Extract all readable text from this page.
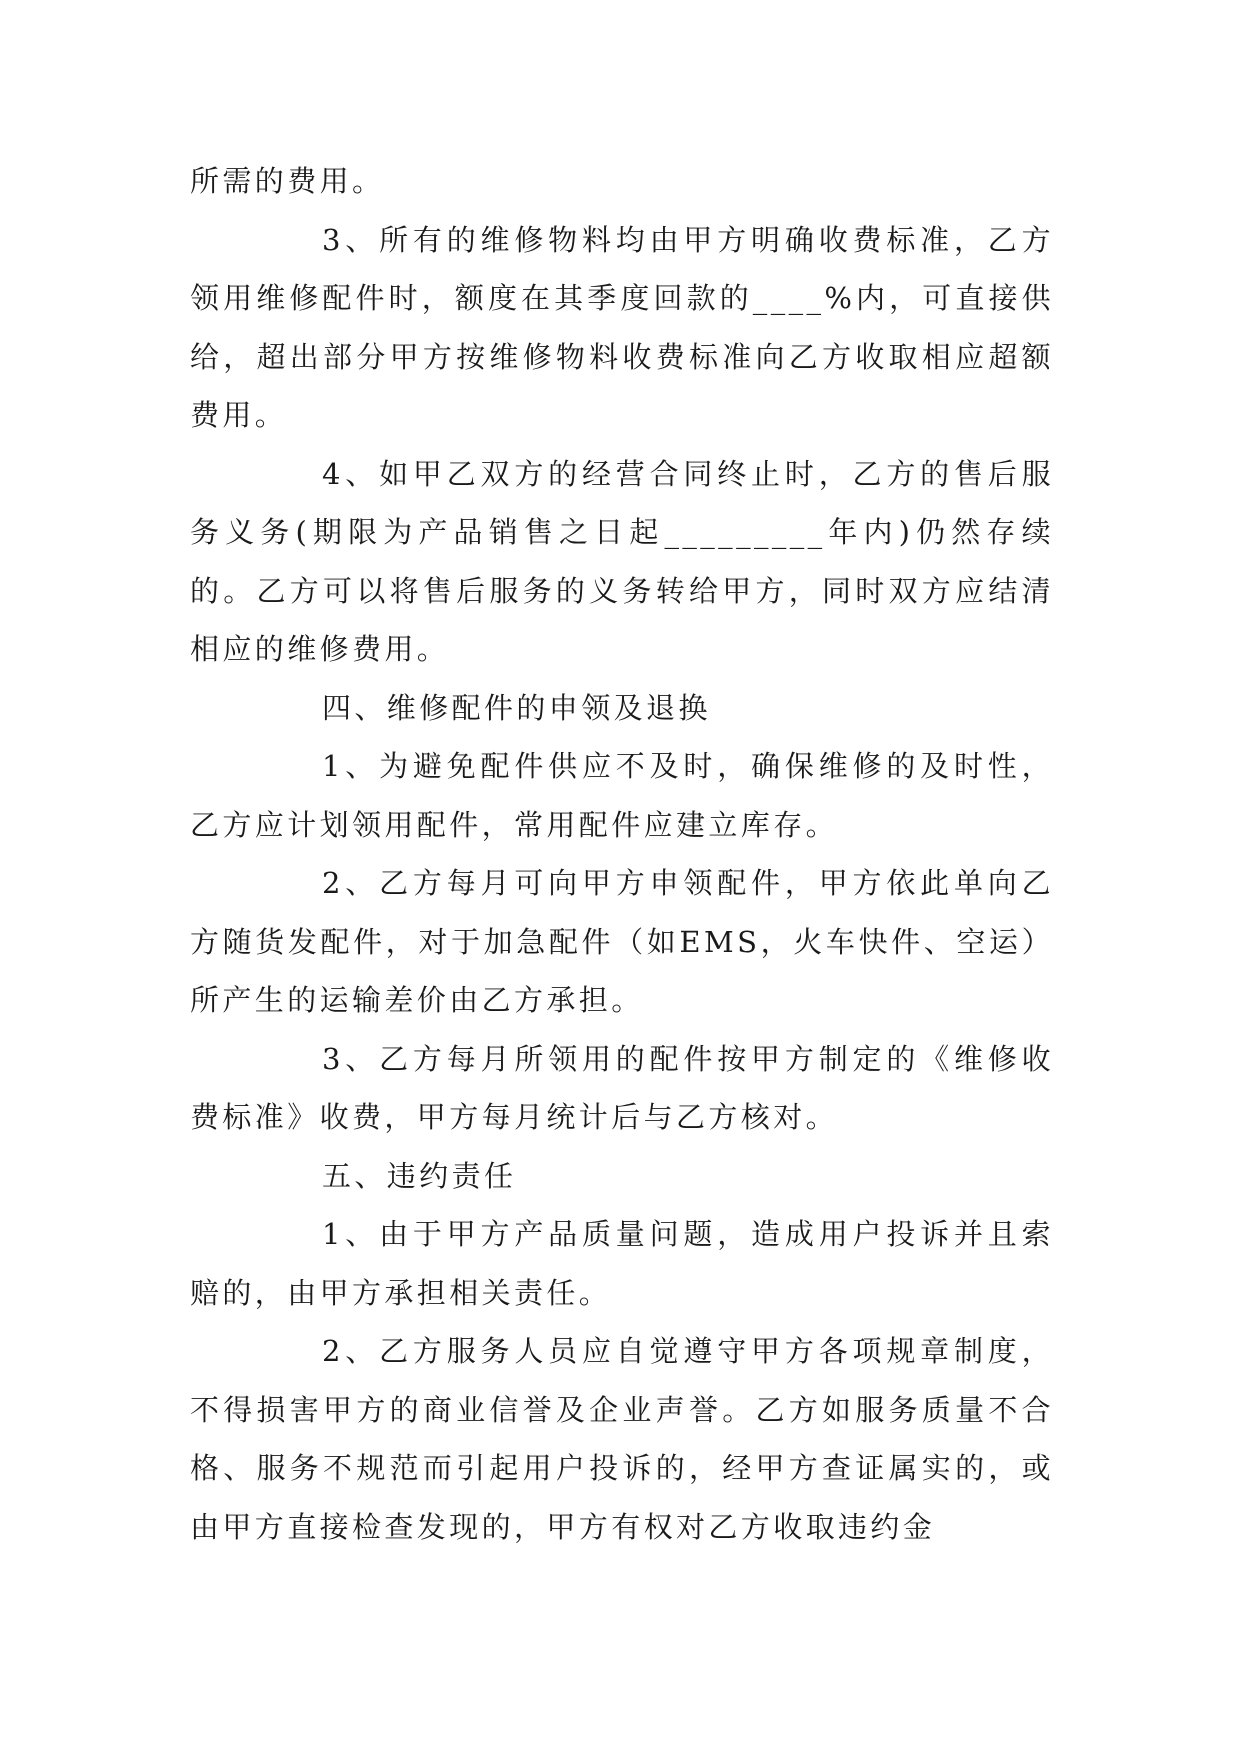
所需的费用。

3、所有的维修物料均由甲方明确收费标准，乙方领用维修配件时，额度在其季度回款的____%内，可直接供给，超出部分甲方按维修物料收费标准向乙方收取相应超额费用。

4、如甲乙双方的经营合同终止时，乙方的售后服务义务(期限为产品销售之日起_________年内)仍然存续的。乙方可以将售后服务的义务转给甲方，同时双方应结清相应的维修费用。

四、维修配件的申领及退换

1、为避免配件供应不及时，确保维修的及时性，乙方应计划领用配件，常用配件应建立库存。

2、乙方每月可向甲方申领配件，甲方依此单向乙方随货发配件，对于加急配件（如EMS，火车快件、空运）所产生的运输差价由乙方承担。

3、乙方每月所领用的配件按甲方制定的《维修收费标准》收费，甲方每月统计后与乙方核对。

五、违约责任

1、由于甲方产品质量问题，造成用户投诉并且索赔的，由甲方承担相关责任。

2、乙方服务人员应自觉遵守甲方各项规章制度，不得损害甲方的商业信誉及企业声誉。乙方如服务质量不合格、服务不规范而引起用户投诉的，经甲方查证属实的，或由甲方直接检查发现的，甲方有权对乙方收取违约金
